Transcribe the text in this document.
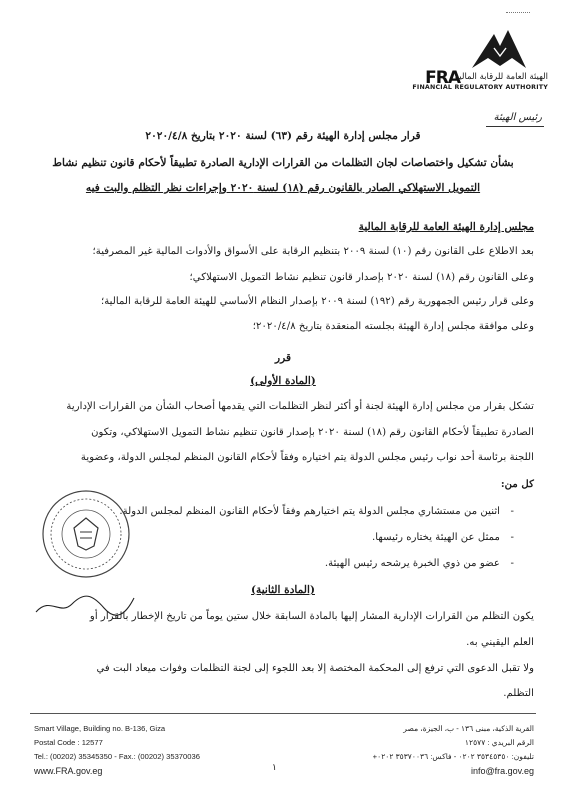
FRA
الهيئة العامة للرقابة المالية
FINANCIAL REGULATORY AUTHORITY
رئيس الهيئة
قرار مجلس إدارة الهيئة رقم (٦٣) لسنة ٢٠٢٠ بتاريخ ٢٠٢٠/٤/٨
بشأن تشكيل واختصاصات لجان التظلمات من القرارات الإدارية الصادرة تطبيقاً لأحكام قانون تنظيم نشاط
التمويل الاستهلاكي الصادر بالقانون رقم (١٨) لسنة ٢٠٢٠ وإجراءات نظر التظلم والبت فيه
مجلس إدارة الهيئة العامة للرقابة المالية
بعد الاطلاع على القانون رقم (١٠) لسنة ٢٠٠٩ بتنظيم الرقابة على الأسواق والأدوات المالية غير المصرفية؛
وعلى القانون رقم (١٨) لسنة ٢٠٢٠ بإصدار قانون تنظيم نشاط التمويل الاستهلاكي؛
وعلى قرار رئيس الجمهورية رقم (١٩٢) لسنة ٢٠٠٩ بإصدار النظام الأساسي للهيئة العامة للرقابة المالية؛
وعلى موافقة مجلس إدارة الهيئة بجلسته المنعقدة بتاريخ ٢٠٢٠/٤/٨؛
قرر
(المادة الأولى)
تشكل بقرار من مجلس إدارة الهيئة لجنة أو أكثر لنظر التظلمات التي يقدمها أصحاب الشأن من القرارات الإدارية
الصادرة تطبيقاً لأحكام القانون رقم (١٨) لسنة ٢٠٢٠ بإصدار قانون تنظيم نشاط التمويل الاستهلاكي، وتكون
اللجنة برئاسة أحد نواب رئيس مجلس الدولة يتم اختياره وفقاً لأحكام القانون المنظم لمجلس الدولة، وعضوية
كل من:
-اثنين من مستشاري مجلس الدولة يتم اختيارهم وفقاً لأحكام القانون المنظم لمجلس الدولة.
-ممثل عن الهيئة يختاره رئيسها.
-عضو من ذوي الخبرة يرشحه رئيس الهيئة.
(المادة الثانية)
يكون التظلم من القرارات الإدارية المشار إليها بالمادة السابقة خلال ستين يوماً من تاريخ الإخطار بالقرار أو
العلم اليقيني به.
ولا تقبل الدعوى التي ترفع إلى المحكمة المختصة إلا بعد اللجوء إلى لجنة التظلمات وفوات ميعاد البت في
التظلم.
Smart Village, Building no. B-136, Giza
Postal Code : 12577
Tel.: (00202) 35345350 - Fax.: (00202) 35370036
www.FRA.gov.eg
القرية الذكية، مبنى ١٣٦ - ب، الجيزة، مصر
الرقم البريدي : ١٢٥٧٧
تليفون: ٣٥٣٤٥٣٥٠ ٠٢٠٢ - فاكس: ٣٥٣٧٠٠٣٦ ٠٢٠٢+
info@fra.gov.eg
١
